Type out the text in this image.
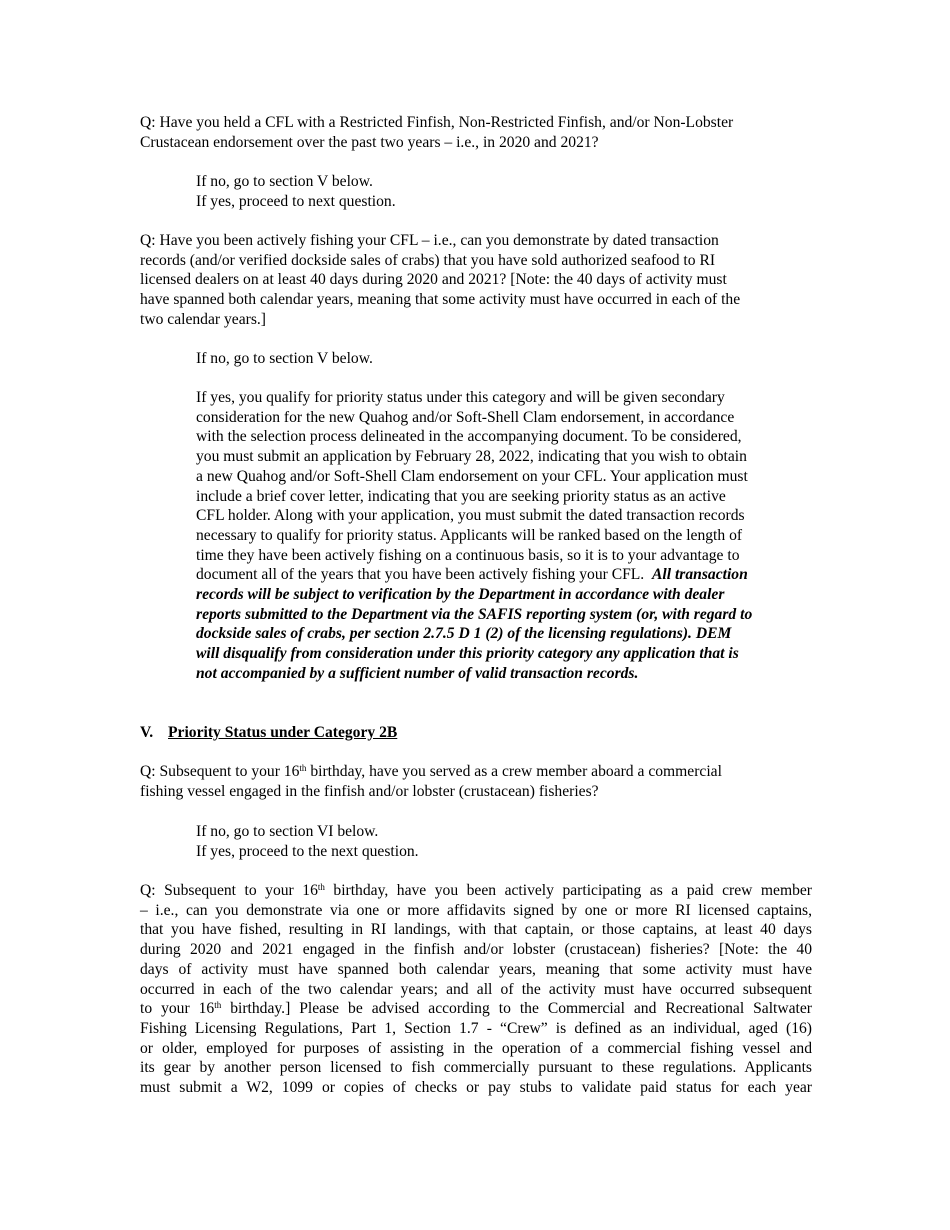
Q: Have you held a CFL with a Restricted Finfish, Non-Restricted Finfish, and/or Non-Lobster
Crustacean endorsement over the past two years – i.e., in 2020 and 2021?
If no, go to section V below.
If yes, proceed to next question.
Q: Have you been actively fishing your CFL – i.e., can you demonstrate by dated transaction
records (and/or verified dockside sales of crabs) that you have sold authorized seafood to RI
licensed dealers on at least 40 days during 2020 and 2021? [Note: the 40 days of activity must
have spanned both calendar years, meaning that some activity must have occurred in each of the
two calendar years.]
If no, go to section V below.
If yes, you qualify for priority status under this category and will be given secondary
consideration for the new Quahog and/or Soft-Shell Clam endorsement, in accordance
with the selection process delineated in the accompanying document. To be considered,
you must submit an application by February 28, 2022, indicating that you wish to obtain
a new Quahog and/or Soft-Shell Clam endorsement on your CFL. Your application must
include a brief cover letter, indicating that you are seeking priority status as an active
CFL holder. Along with your application, you must submit the dated transaction records
necessary to qualify for priority status. Applicants will be ranked based on the length of
time they have been actively fishing on a continuous basis, so it is to your advantage to
document all of the years that you have been actively fishing your CFL.  All transaction
records will be subject to verification by the Department in accordance with dealer
reports submitted to the Department via the SAFIS reporting system (or, with regard to
dockside sales of crabs, per section 2.7.5 D 1 (2) of the licensing regulations). DEM
will disqualify from consideration under this priority category any application that is
not accompanied by a sufficient number of valid transaction records.
V. Priority Status under Category 2B
Q: Subsequent to your 16th birthday, have you served as a crew member aboard a commercial
fishing vessel engaged in the finfish and/or lobster (crustacean) fisheries?
If no, go to section VI below.
If yes, proceed to the next question.
Q: Subsequent to your 16th birthday, have you been actively participating as a paid crew member
– i.e., can you demonstrate via one or more affidavits signed by one or more RI licensed captains,
that you have fished, resulting in RI landings, with that captain, or those captains, at least 40 days
during 2020 and 2021 engaged in the finfish and/or lobster (crustacean) fisheries? [Note: the 40
days of activity must have spanned both calendar years, meaning that some activity must have
occurred in each of the two calendar years; and all of the activity must have occurred subsequent
to your 16th birthday.] Please be advised according to the Commercial and Recreational Saltwater
Fishing Licensing Regulations, Part 1, Section 1.7 - “Crew” is defined as an individual, aged (16)
or older, employed for purposes of assisting in the operation of a commercial fishing vessel and
its gear by another person licensed to fish commercially pursuant to these regulations. Applicants
must submit a W2, 1099 or copies of checks or pay stubs to validate paid status for each year
